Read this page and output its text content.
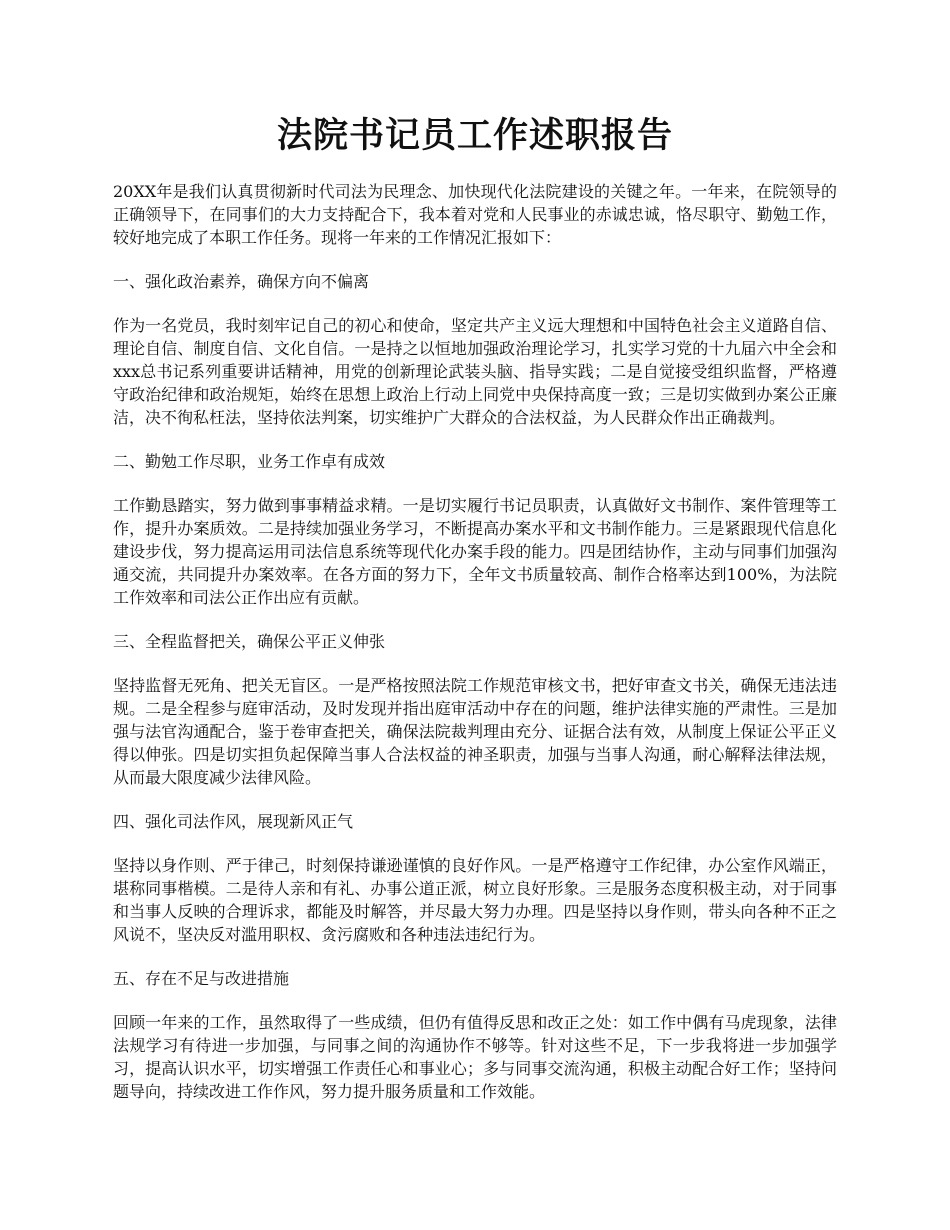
法院书记员工作述职报告

20XX年是我们认真贯彻新时代司法为民理念、加快现代化法院建设的关键之年。一年来，在院领导的正确领导下，在同事们的大力支持配合下，我本着对党和人民事业的赤诚忠诚，恪尽职守、勤勉工作，较好地完成了本职工作任务。现将一年来的工作情况汇报如下：

一、强化政治素养，确保方向不偏离

作为一名党员，我时刻牢记自己的初心和使命，坚定共产主义远大理想和中国特色社会主义道路自信、理论自信、制度自信、文化自信。一是持之以恒地加强政治理论学习，扎实学习党的十九届六中全会和xxx总书记系列重要讲话精神，用党的创新理论武装头脑、指导实践；二是自觉接受组织监督，严格遵守政治纪律和政治规矩，始终在思想上政治上行动上同党中央保持高度一致；三是切实做到办案公正廉洁，决不徇私枉法，坚持依法判案，切实维护广大群众的合法权益，为人民群众作出正确裁判。

二、勤勉工作尽职，业务工作卓有成效

工作勤恳踏实，努力做到事事精益求精。一是切实履行书记员职责，认真做好文书制作、案件管理等工作，提升办案质效。二是持续加强业务学习，不断提高办案水平和文书制作能力。三是紧跟现代信息化建设步伐，努力提高运用司法信息系统等现代化办案手段的能力。四是团结协作，主动与同事们加强沟通交流，共同提升办案效率。在各方面的努力下，全年文书质量较高、制作合格率达到100%，为法院工作效率和司法公正作出应有贡献。

三、全程监督把关，确保公平正义伸张

坚持监督无死角、把关无盲区。一是严格按照法院工作规范审核文书，把好审查文书关，确保无违法违规。二是全程参与庭审活动，及时发现并指出庭审活动中存在的问题，维护法律实施的严肃性。三是加强与法官沟通配合，鉴于卷审查把关，确保法院裁判理由充分、证据合法有效，从制度上保证公平正义得以伸张。四是切实担负起保障当事人合法权益的神圣职责，加强与当事人沟通，耐心解释法律法规，从而最大限度减少法律风险。

四、强化司法作风，展现新风正气

坚持以身作则、严于律己，时刻保持谦逊谨慎的良好作风。一是严格遵守工作纪律，办公室作风端正，堪称同事楷模。二是待人亲和有礼、办事公道正派，树立良好形象。三是服务态度积极主动，对于同事和当事人反映的合理诉求，都能及时解答，并尽最大努力办理。四是坚持以身作则，带头向各种不正之风说不，坚决反对滥用职权、贪污腐败和各种违法违纪行为。

五、存在不足与改进措施

回顾一年来的工作，虽然取得了一些成绩，但仍有值得反思和改正之处：如工作中偶有马虎现象，法律法规学习有待进一步加强，与同事之间的沟通协作不够等。针对这些不足，下一步我将进一步加强学习，提高认识水平，切实增强工作责任心和事业心；多与同事交流沟通，积极主动配合好工作；坚持问题导向，持续改进工作作风，努力提升服务质量和工作效能。
